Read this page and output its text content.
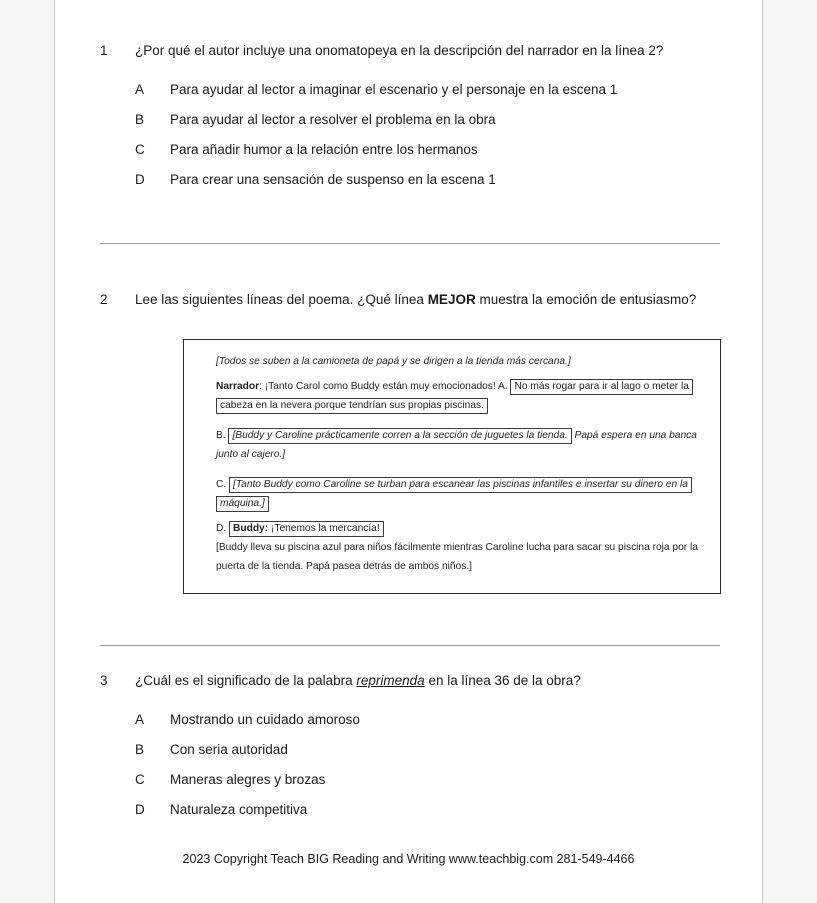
1	¿Por qué el autor incluye una onomatopeya en la descripción del narrador en la línea 2?
A	Para ayudar al lector a imaginar el escenario y el personaje en la escena 1
B	Para ayudar al lector a resolver el problema en la obra
C	Para añadir humor a la relación entre los hermanos
D	Para crear una sensación de suspenso en la escena 1
2	Lee las siguientes líneas del poema. ¿Qué línea MEJOR muestra la emoción de entusiasmo?

[Todos se suben a la camioneta de papá y se dirigen a la tienda más cercana.]

Narrador: ¡Tanto Carol como Buddy están muy emocionados! A. No más rogar para ir al lago o meter la cabeza en la nevera porque tendrían sus propias piscinas.

B. [Buddy y Caroline prácticamente corren a la sección de juguetes la tienda. Papá espera en una banca junto al cajero.]

C. [Tanto Buddy como Caroline se turban para escanear las piscinas infantiles e insertar su dinero en la máquina.]

D. Buddy: ¡Tenemos la mercancía!

[Buddy lleva su piscina azul para niños fácilmente mientras Caroline lucha para sacar su piscina roja por la puerta de la tienda. Papá pasea detrás de ambos niños.]

3	¿Cuál es el significado de la palabra reprimenda en la línea 36 de la obra?
A	Mostrando un cuidado amoroso
B	Con seria autoridad
C	Maneras alegres y brozas
D	Naturaleza competitiva
2023 Copyright Teach BIG Reading and Writing www.teachbig.com 281-549-4466
